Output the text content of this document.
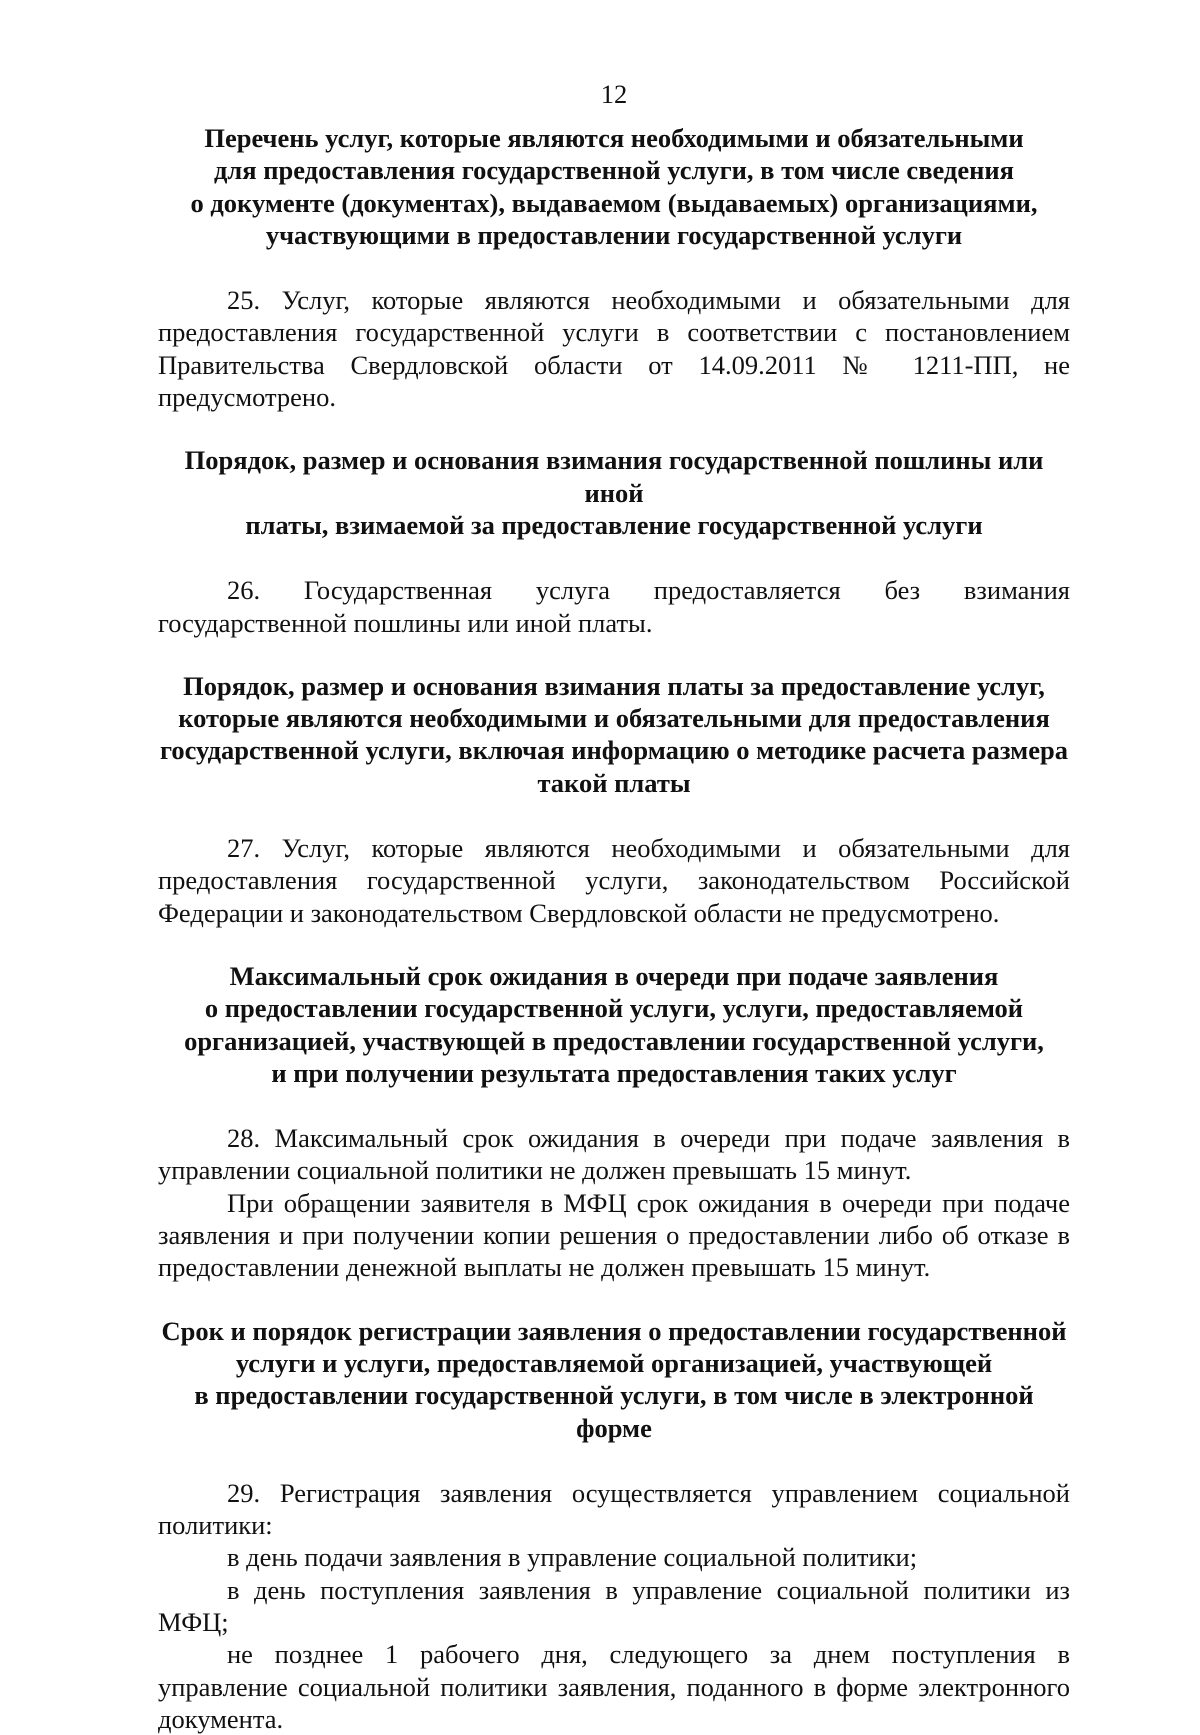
12
Перечень услуг, которые являются необходимыми и обязательными
для предоставления государственной услуги, в том числе сведения
о документе (документах), выдаваемом (выдаваемых) организациями,
участвующими в предоставлении государственной услуги

25. Услуг, которые являются необходимыми и обязательными для предоставления государственной услуги в соответствии с постановлением Правительства Свердловской области от 14.09.2011 № 1211-ПП, не предусмотрено.

Порядок, размер и основания взимания государственной пошлины или иной
платы, взимаемой за предоставление государственной услуги

26. Государственная услуга предоставляется без взимания государственной пошлины или иной платы.

Порядок, размер и основания взимания платы за предоставление услуг,
которые являются необходимыми и обязательными для предоставления
государственной услуги, включая информацию о методике расчета размера
такой платы

27. Услуг, которые являются необходимыми и обязательными для предоставления государственной услуги, законодательством Российской Федерации и законодательством Свердловской области не предусмотрено.

Максимальный срок ожидания в очереди при подаче заявления
о предоставлении государственной услуги, услуги, предоставляемой
организацией, участвующей в предоставлении государственной услуги,
и при получении результата предоставления таких услуг

28. Максимальный срок ожидания в очереди при подаче заявления в управлении социальной политики не должен превышать 15 минут.

При обращении заявителя в МФЦ срок ожидания в очереди при подаче заявления и при получении копии решения о предоставлении либо об отказе в предоставлении денежной выплаты не должен превышать 15 минут.

Срок и порядок регистрации заявления о предоставлении государственной
услуги и услуги, предоставляемой организацией, участвующей
в предоставлении государственной услуги, в том числе в электронной форме

29. Регистрация заявления осуществляется управлением социальной политики:

в день подачи заявления в управление социальной политики;

в день поступления заявления в управление социальной политики из МФЦ;

не позднее 1 рабочего дня, следующего за днем поступления в управление социальной политики заявления, поданного в форме электронного документа.
